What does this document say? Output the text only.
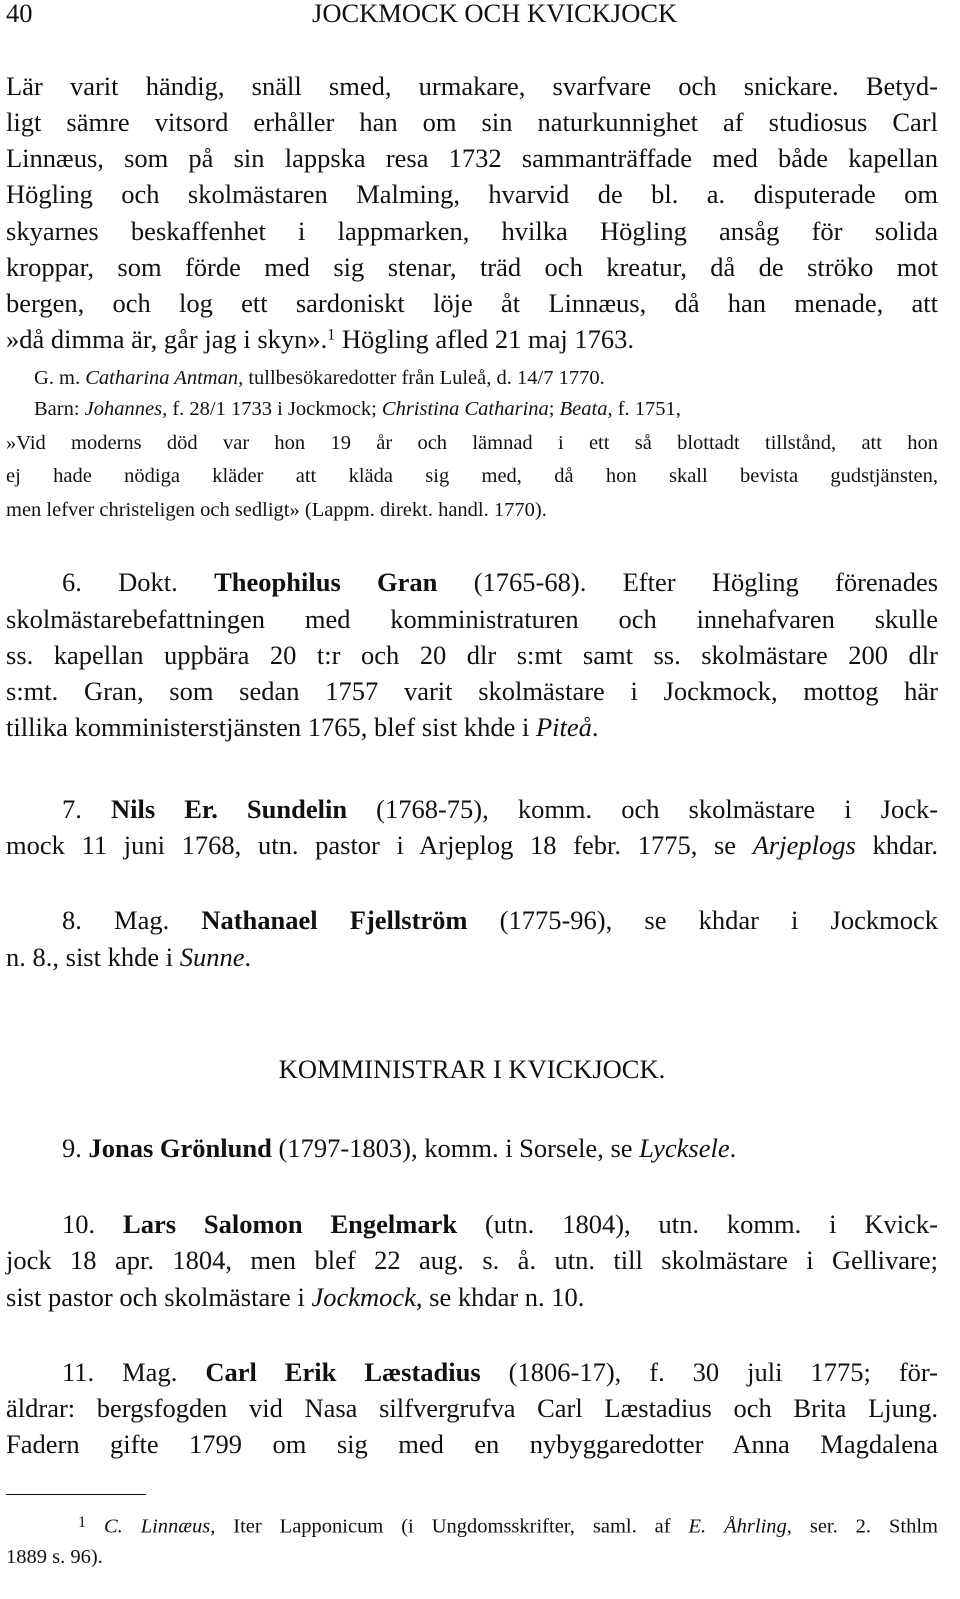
40	JOCKMOCK OCH KVICKJOCK
Lär varit händig, snäll smed, urmakare, svarfvare och snickare. Betyd-
ligt sämre vitsord erhåller han om sin naturkunnighet af studiosus Carl
Linnæus, som på sin lappska resa 1732 sammanträffade med både kapellan
Högling och skolmästaren Malming, hvarvid de bl. a. disputerade om
skyarnes beskaffenhet i lappmarken, hvilka Högling ansåg för solida
kroppar, som förde med sig stenar, träd och kreatur, då de ströko mot
bergen, och log ett sardoniskt löje åt Linnæus, då han menade, att
»då dimma är, går jag i skyn».$^1$ Högling afled 21 maj 1763.
G. m. Catharina Antman, tullbesökaredotter från Luleå, d. 14/7 1770.
Barn: Johannes, f. 28/1 1733 i Jockmock; Christina Catharina; Beata, f. 1751,
»Vid moderns död var hon 19 år och lämnad i ett så blottadt tillstånd, att hon
ej hade nödiga kläder att kläda sig med, då hon skall bevista gudstjänsten,
men lefver christeligen och sedligt» (Lappm. direkt. handl. 1770).
6. Dokt. Theophilus Gran (1765-68). Efter Högling förenades
skolmästarebefattningen med komministraturen och innehafvaren skulle
ss. kapellan uppbära 20 t:r och 20 dlr s:mt samt ss. skolmästare 200 dlr
s:mt. Gran, som sedan 1757 varit skolmästare i Jockmock, mottog här
tillika komministerstjänsten 1765, blef sist khde i Piteå.
7. Nils Er. Sundelin (1768-75), komm. och skolmästare i Jock-
mock 11 juni 1768, utn. pastor i Arjeplog 18 febr. 1775, se Arjeplogs khdar.
8. Mag. Nathanael Fjellström (1775-96), se khdar i Jockmock
n. 8., sist khde i Sunne.
KOMMINISTRAR I KVICKJOCK.
9. Jonas Grönlund (1797-1803), komm. i Sorsele, se Lycksele.
10. Lars Salomon Engelmark (utn. 1804), utn. komm. i Kvick-
jock 18 apr. 1804, men blef 22 aug. s. å. utn. till skolmästare i Gellivare;
sist pastor och skolmästare i Jockmock, se khdar n. 10.
11. Mag. Carl Erik Læstadius (1806-17), f. 30 juli 1775; för-
äldrar: bergsfogden vid Nasa silfvergrufva Carl Læstadius och Brita Ljung.
Fadern gifte 1799 om sig med en nybyggaredotter Anna Magdalena
$^1$ C. Linnæus, Iter Lapponicum (i Ungdomsskrifter, saml. af E. Åhrling, ser. 2. Sthlm
1889 s. 96).
